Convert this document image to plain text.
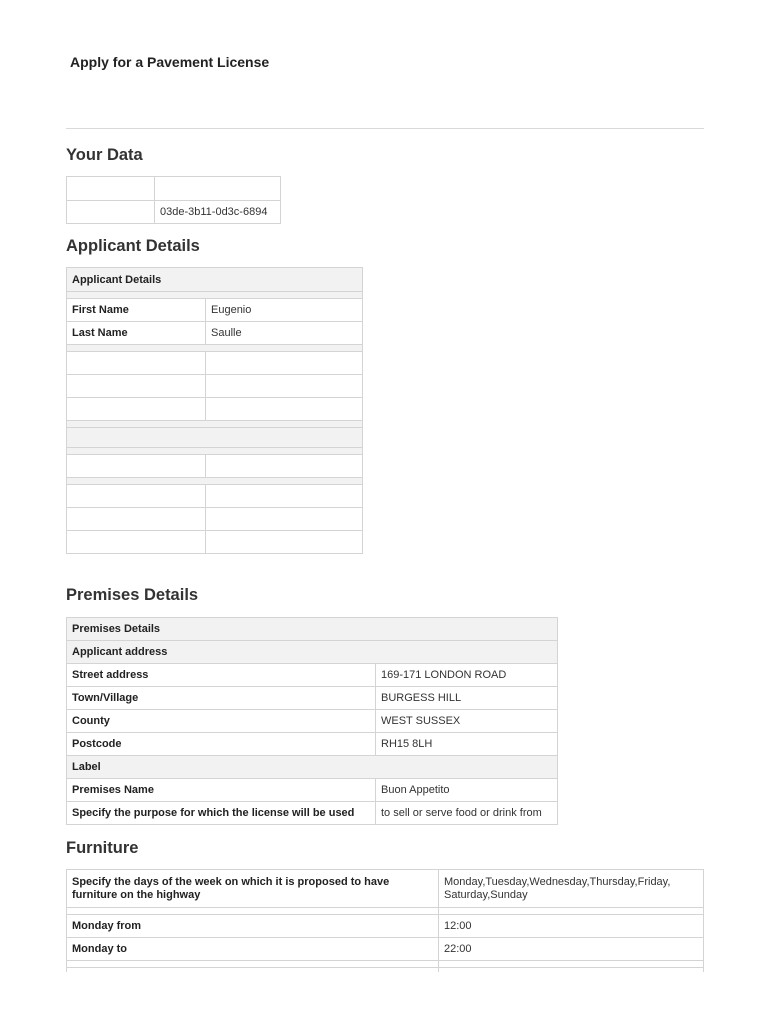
Apply for a Pavement License
Your Data

	03de-3b11-0d3c-6894
Applicant Details
Applicant Details	

First Name	Eugenio
Last Name	Saulle

Premises Details
Premises Details	
Applicant address	
Street address	169-171 LONDON ROAD
Town/Village	BURGESS HILL
County	WEST SUSSEX
Postcode	RH15 8LH
Label	
Premises Name	Buon Appetito
Specify the purpose for which the license will be used	to sell or serve food or drink from
Furniture
Specify the days of the week on which it is proposed to have furniture on the highway	Monday,Tuesday,Wednesday,Thursday,Friday, Saturday,Sunday

Monday from	12:00
Monday to	22:00
